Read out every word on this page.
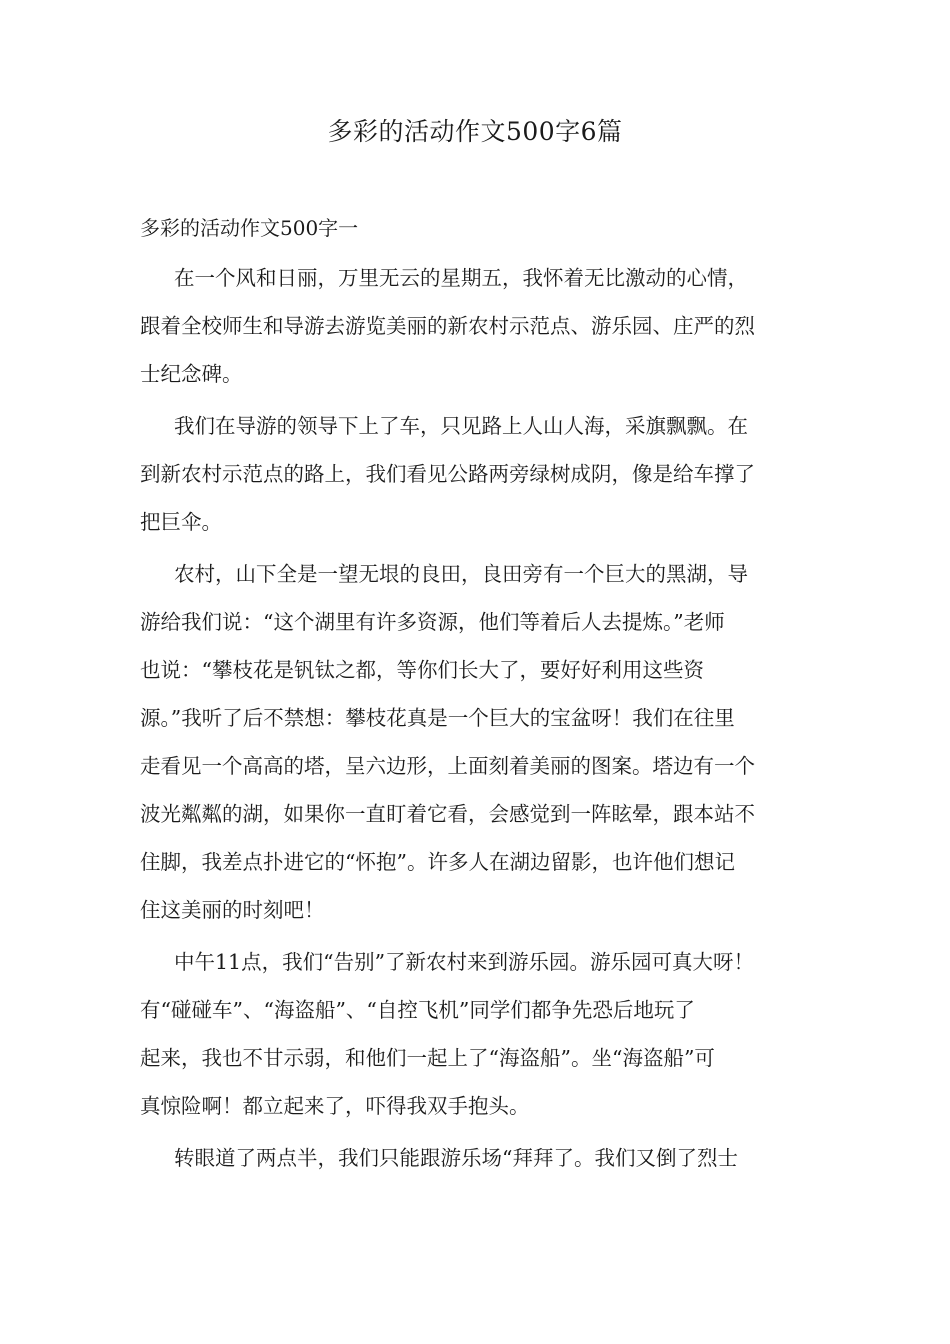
多彩的活动作文500字6篇
多彩的活动作文500字一
在一个风和日丽，万里无云的星期五，我怀着无比激动的心情，
跟着全校师生和导游去游览美丽的新农村示范点、游乐园、庄严的烈
士纪念碑。
我们在导游的领导下上了车，只见路上人山人海，采旗飘飘。在
到新农村示范点的路上，我们看见公路两旁绿树成阴，像是给车撑了
把巨伞。
农村，山下全是一望无垠的良田，良田旁有一个巨大的黑湖，导
游给我们说：“这个湖里有许多资源，他们等着后人去提炼。”老师
也说：“攀枝花是钒钛之都，等你们长大了，要好好利用这些资
源。”我听了后不禁想：攀枝花真是一个巨大的宝盆呀！我们在往里
走看见一个高高的塔，呈六边形，上面刻着美丽的图案。塔边有一个
波光粼粼的湖，如果你一直盯着它看，会感觉到一阵眩晕，跟本站不
住脚，我差点扑进它的“怀抱”。许多人在湖边留影，也许他们想记
住这美丽的时刻吧！
中午11点，我们“告别”了新农村来到游乐园。游乐园可真大呀！
有“碰碰车”、“海盗船”、“自控飞机”同学们都争先恐后地玩了
起来，我也不甘示弱，和他们一起上了“海盗船”。坐“海盗船”可
真惊险啊！都立起来了，吓得我双手抱头。
转眼道了两点半，我们只能跟游乐场“拜拜了。我们又倒了烈士
